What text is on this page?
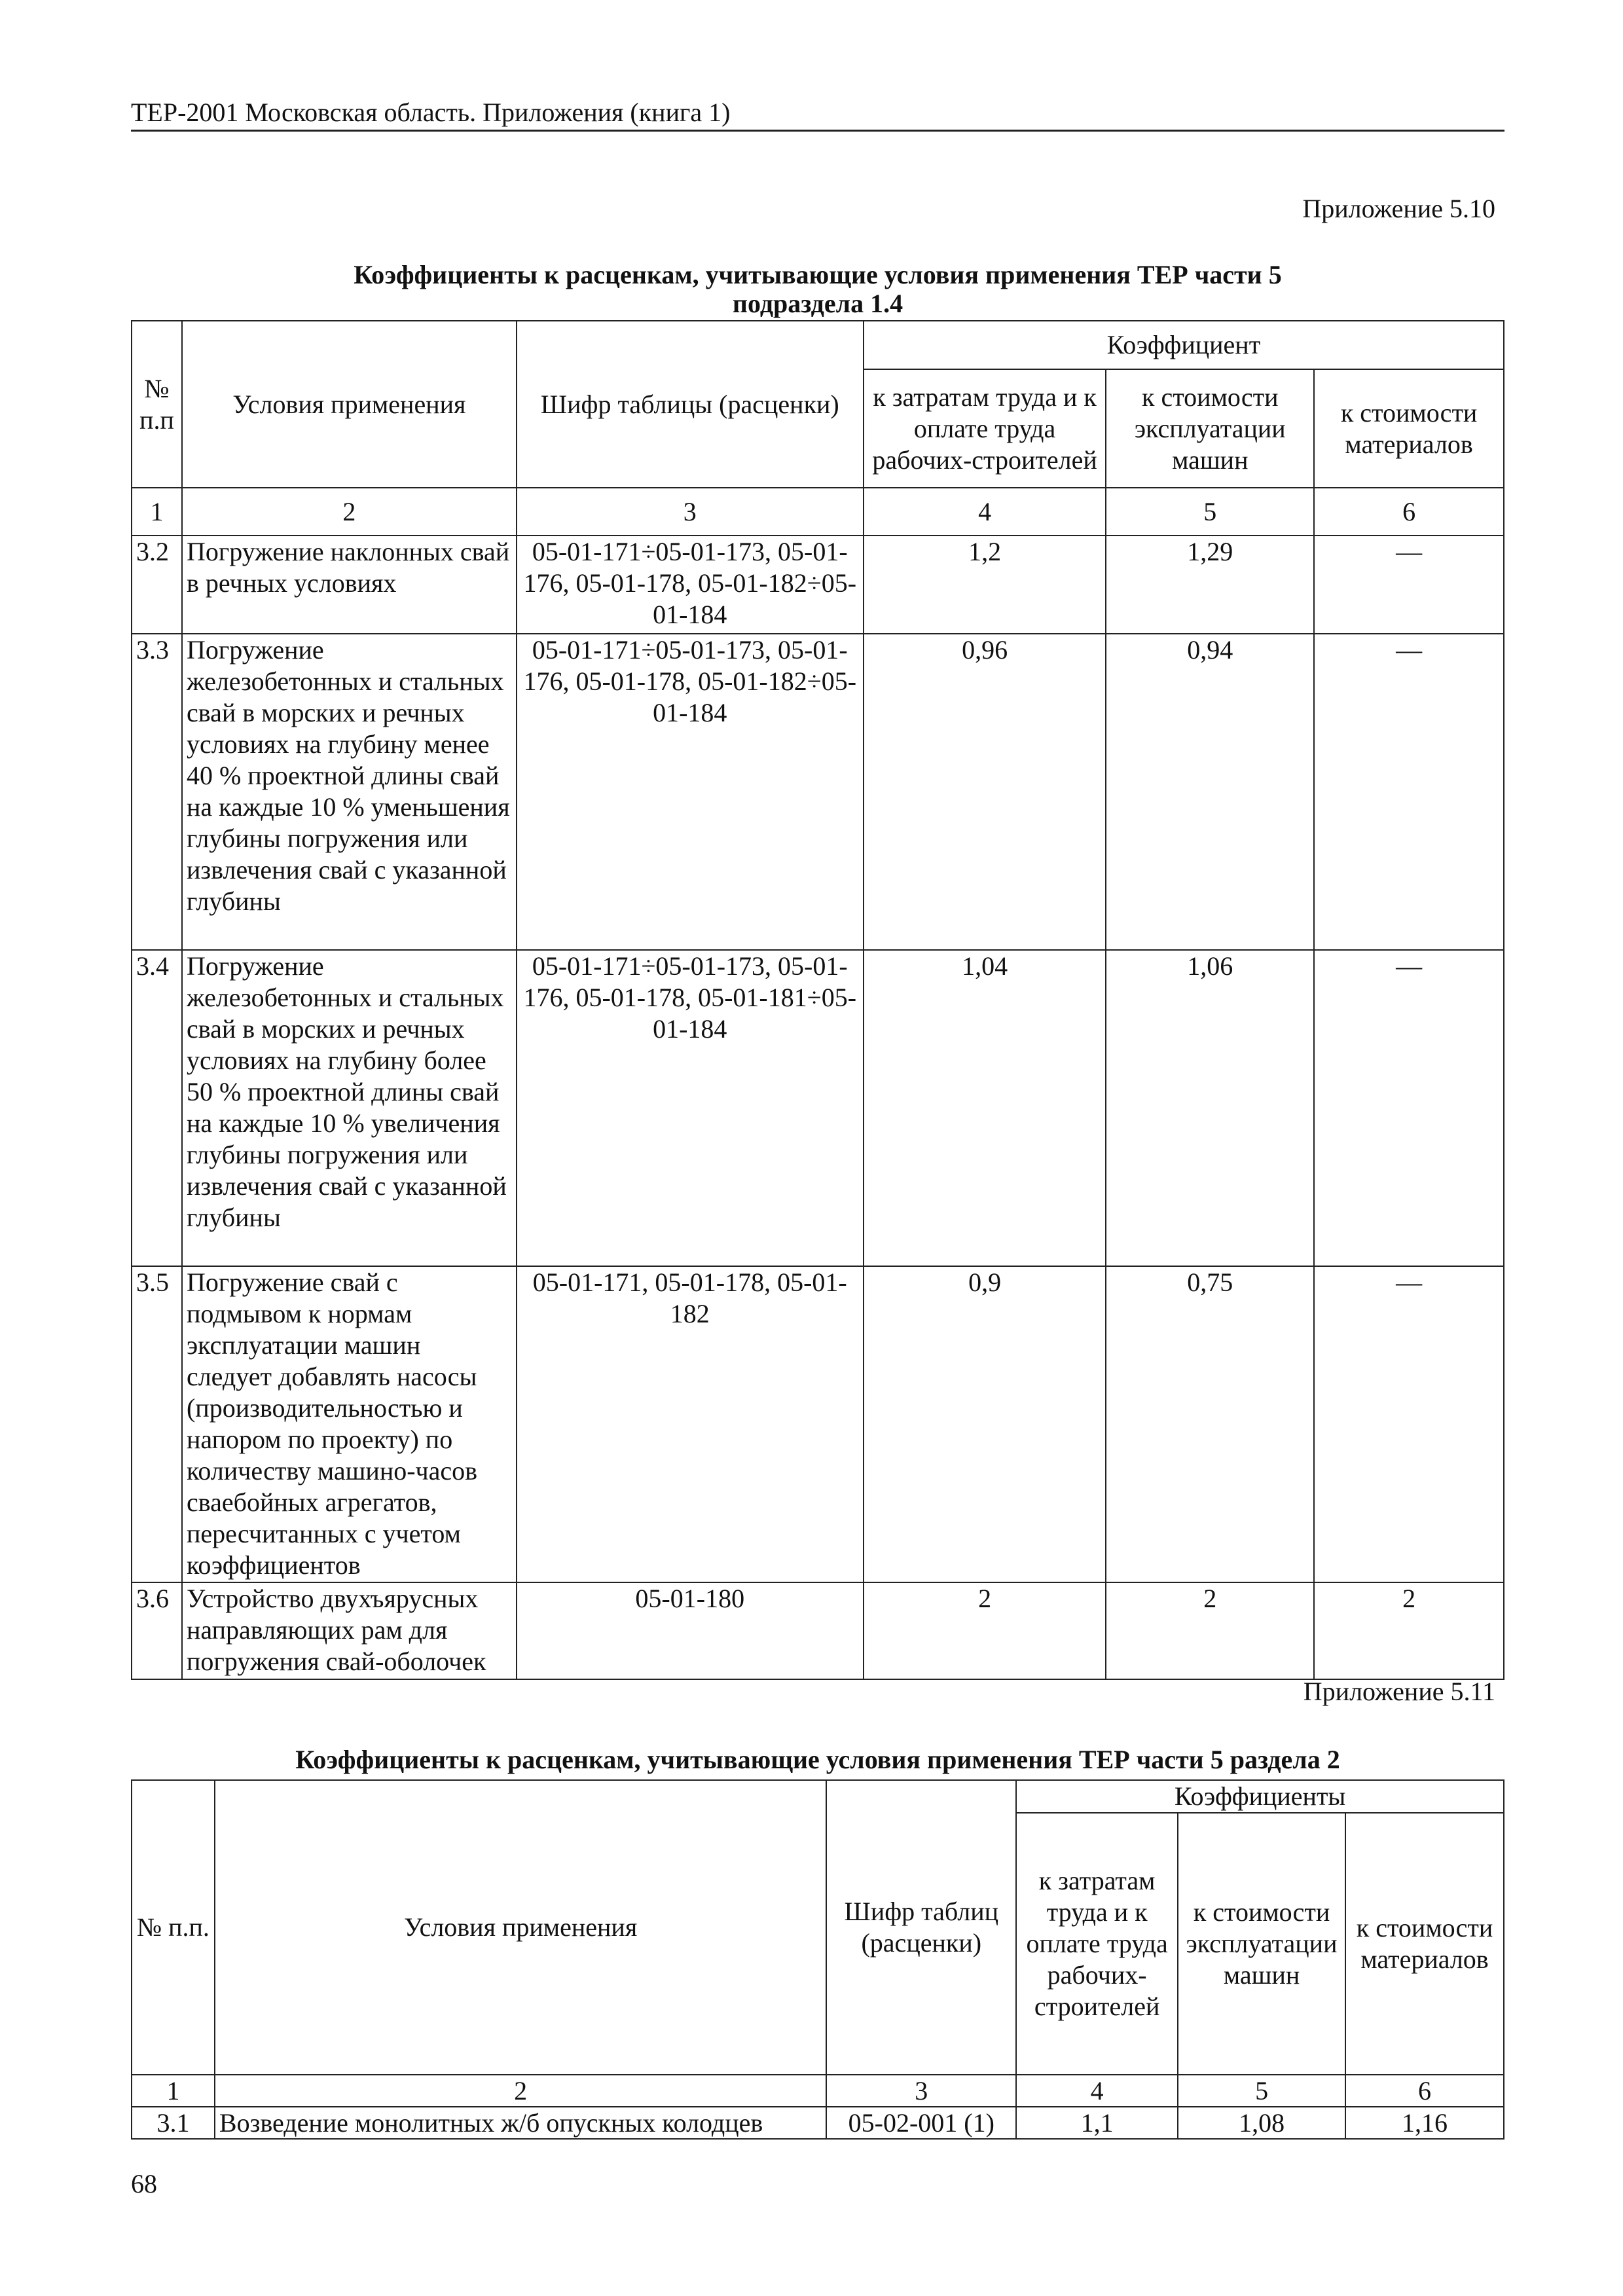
ТЕР-2001 Московская область. Приложения (книга 1)
Приложение 5.10
Коэффициенты к расценкам, учитывающие условия применения ТЕР части 5
подраздела 1.4
№ п.п	Условия применения	Шифр таблицы (расценки)	Коэффициент		
			к затратам труда и к оплате труда рабочих-строителей	к стоимости эксплуатации машин	к стоимости материалов
1	2	3	4	5	6
3.2	Погружение наклонных свай в речных условиях	05-01-171÷05-01-173, 05-01-176, 05-01-178, 05-01-182÷05-01-184	1,2	1,29	—
3.3	Погружение железобетонных и стальных свай в морских и речных условиях на глубину менее 40 % проектной длины свай на каждые 10 % уменьшения глубины погружения или извлечения свай с указанной глубины	05-01-171÷05-01-173, 05-01-176, 05-01-178, 05-01-182÷05-01-184	0,96	0,94	—
3.4	Погружение железобетонных и стальных свай в морских и речных условиях на глубину более 50 % проектной длины свай на каждые 10 % увеличения глубины погружения или извлечения свай с указанной глубины	05-01-171÷05-01-173, 05-01-176, 05-01-178, 05-01-181÷05-01-184	1,04	1,06	—
3.5	Погружение свай с подмывом к нормам эксплуатации машин следует добавлять насосы (производительностью и напором по проекту) по количеству машино-часов сваебойных агрегатов, пересчитанных с учетом коэффициентов	05-01-171, 05-01-178, 05-01-182	0,9	0,75	—
3.6	Устройство двухъярусных направляющих рам для погружения свай-оболочек	05-01-180	2	2	2
Приложение 5.11
Коэффициенты к расценкам, учитывающие условия применения ТЕР части 5 раздела 2
№ п.п.	Условия применения	Шифр таблиц (расценки)	Коэффициенты		
			к затратам труда и к оплате труда рабочих-строителей	к стоимости эксплуатации машин	к стоимости материалов
1	2	3	4	5	6
3.1	Возведение монолитных ж/б опускных колодцев	05-02-001 (1)	1,1	1,08	1,16
68
